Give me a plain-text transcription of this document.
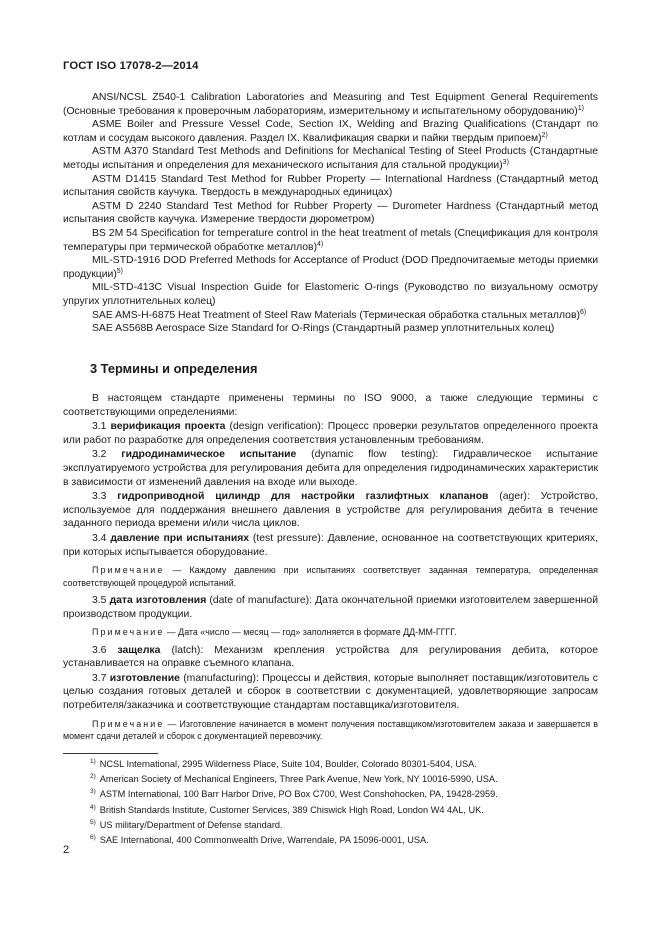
ГОСТ ISO 17078-2—2014

ANSI/NCSL Z540-1 Calibration Laboratories and Measuring and Test Equipment General Requirements (Основные требования к проверочным лабораториям, измерительному и испытательному оборудованию)$^{1)}$

ASME Boiler and Pressure Vessel Code, Section IX, Welding and Brazing Qualifications (Стандарт по котлам и сосудам высокого давления. Раздел IX. Квалификация сварки и пайки твердым припоем)$^{2)}$

ASTM A370 Standard Test Methods and Definitions for Mechanical Testing of Steel Products (Стандартные методы испытания и определения для механического испытания для стальной продукции)$^{3)}$

ASTM D1415 Standard Test Method for Rubber Property — International Hardness (Стандартный метод испытания свойств каучука. Твердость в международных единицах)

ASTM D 2240 Standard Test Method for Rubber Property — Durometer Hardness (Стандартный метод испытания свойств каучука. Измерение твердости дюрометром)

BS 2M 54 Specification for temperature control in the heat treatment of metals (Спецификация для контроля температуры при термической обработке металлов)$^{4)}$

MIL-STD-1916 DOD Preferred Methods for Acceptance of Product (DOD Предпочитаемые методы приемки продукции)$^{5)}$

MIL-STD-413C Visual Inspection Guide for Elastomeric O-rings (Руководство по визуальному осмотру упругих уплотнительных колец)

SAE AMS-H-6875 Heat Treatment of Steel Raw Materials (Термическая обработка стальных металлов)$^{6)}$

SAE AS568B Aerospace Size Standard for O-Rings (Стандартный размер уплотнительных колец)

3 Термины и определения

В настоящем стандарте применены термины по ISO 9000, а также следующие термины с соответствующими определениями:

3.1 верификация проекта (design verification): Процесс проверки результатов определенного проекта или работ по разработке для определения соответствия установленным требованиям.

3.2 гидродинамическое испытание (dynamic flow testing): Гидравлическое испытание эксплуатируемого устройства для регулирования дебита для определения гидродинамических характеристик в зависимости от изменений давления на входе или выходе.

3.3 гидроприводной цилиндр для настройки газлифтных клапанов (ager): Устройство, используемое для поддержания внешнего давления в устройстве для регулирования дебита в течение заданного периода времени и/или числа циклов.

3.4 давление при испытаниях (test pressure): Давление, основанное на соответствующих критериях, при которых испытывается оборудование.

Примечание — Каждому давлению при испытаниях соответствует заданная температура, определенная соответствующей процедурой испытаний.

3.5 дата изготовления (date of manufacture): Дата окончательной приемки изготовителем завершенной производством продукции.

Примечание — Дата «число — месяц — год» заполняется в формате ДД-ММ-ГГГГ.

3.6 защелка (latch): Механизм крепления устройства для регулирования дебита, которое устанавливается на оправке съемного клапана.

3.7 изготовление (manufacturing): Процессы и действия, которые выполняет поставщик/изготовитель с целью создания готовых деталей и сборок в соответствии с документацией, удовлетворяющие запросам потребителя/заказчика и соответствующие стандартам поставщика/изготовителя.

Примечание — Изготовление начинается в момент получения поставщиком/изготовителем заказа и завершается в момент сдачи деталей и сборок с документацией перевозчику.

$^{1)}$ NCSL International, 2995 Wilderness Place, Suite 104, Boulder, Colorado 80301-5404, USA.
$^{2)}$ American Society of Mechanical Engineers, Three Park Avenue, New York, NY 10016-5990, USA.
$^{3)}$ ASTM International, 100 Barr Harbor Drive, PO Box C700, West Conshohocken, PA, 19428-2959.
$^{4)}$ British Standards Institute, Customer Services, 389 Chiswick High Road, London W4 4AL, UK.
$^{5)}$ US military/Department of Defense standard.
$^{6)}$ SAE International, 400 Commonwealth Drive, Warrendale, PA 15096-0001, USA.
2
